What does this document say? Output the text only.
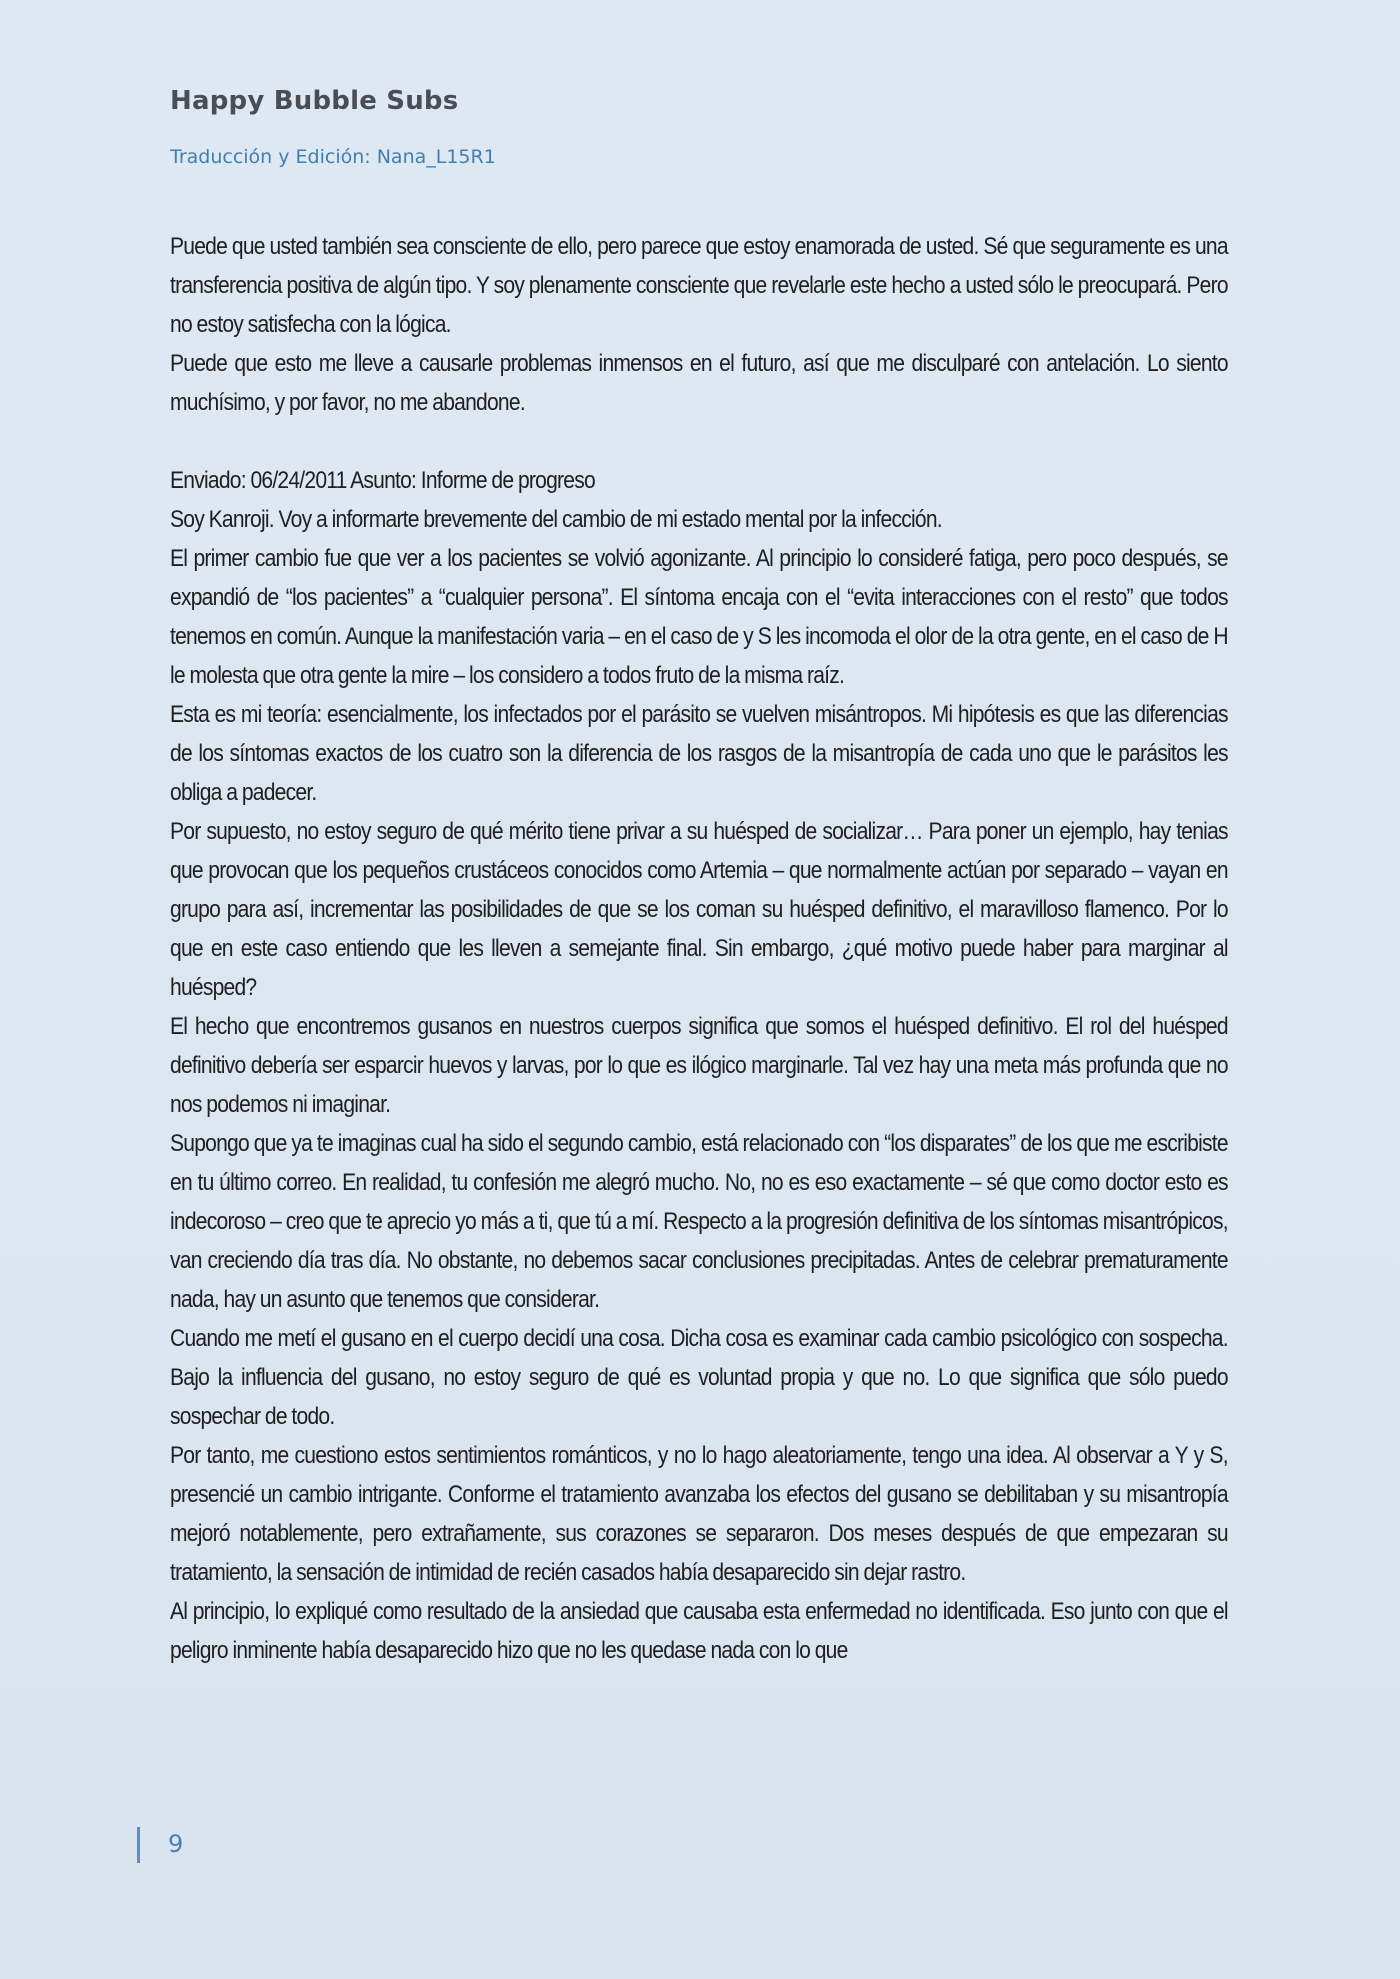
Happy Bubble Subs
Traducción y Edición: Nana_L15R1

Puede que usted también sea consciente de ello, pero parece que estoy enamorada de usted. Sé que seguramente es una transferencia positiva de algún tipo. Y soy plenamente consciente que revelarle este hecho a usted sólo le preocupará. Pero no estoy satisfecha con la lógica.

Puede que esto me lleve a causarle problemas inmensos en el futuro, así que me disculparé con antelación. Lo siento muchísimo, y por favor, no me abandone.

Enviado: 06/24/2011 Asunto: Informe de progreso

Soy Kanroji. Voy a informarte brevemente del cambio de mi estado mental por la infección.

El primer cambio fue que ver a los pacientes se volvió agonizante. Al principio lo consideré fatiga, pero poco después, se expandió de “los pacientes” a “cualquier persona”. El síntoma encaja con el “evita interacciones con el resto” que todos tenemos en común. Aunque la manifestación varia – en el caso de y S les incomoda el olor de la otra gente, en el caso de H le molesta que otra gente la mire – los considero a todos fruto de la misma raíz.

Esta es mi teoría: esencialmente, los infectados por el parásito se vuelven misántropos. Mi hipótesis es que las diferencias de los síntomas exactos de los cuatro son la diferencia de los rasgos de la misantropía de cada uno que le parásitos les obliga a padecer.

Por supuesto, no estoy seguro de qué mérito tiene privar a su huésped de socializar… Para poner un ejemplo, hay tenias que provocan que los pequeños crustáceos conocidos como Artemia – que normalmente actúan por separado – vayan en grupo para así, incrementar las posibilidades de que se los coman su huésped definitivo, el maravilloso flamenco. Por lo que en este caso entiendo que les lleven a semejante final. Sin embargo, ¿qué motivo puede haber para marginar al huésped?

El hecho que encontremos gusanos en nuestros cuerpos significa que somos el huésped definitivo. El rol del huésped definitivo debería ser esparcir huevos y larvas, por lo que es ilógico marginarle. Tal vez hay una meta más profunda que no nos podemos ni imaginar.

Supongo que ya te imaginas cual ha sido el segundo cambio, está relacionado con “los disparates” de los que me escribiste en tu último correo. En realidad, tu confesión me alegró mucho. No, no es eso exactamente – sé que como doctor esto es indecoroso – creo que te aprecio yo más a ti, que tú a mí. Respecto a la progresión definitiva de los síntomas misantrópicos, van creciendo día tras día. No obstante, no debemos sacar conclusiones precipitadas. Antes de celebrar prematuramente nada, hay un asunto que tenemos que considerar.

Cuando me metí el gusano en el cuerpo decidí una cosa. Dicha cosa es examinar cada cambio psicológico con sospecha. Bajo la influencia del gusano, no estoy seguro de qué es voluntad propia y que no. Lo que significa que sólo puedo sospechar de todo.

Por tanto, me cuestiono estos sentimientos románticos, y no lo hago aleatoriamente, tengo una idea. Al observar a Y y S, presencié un cambio intrigante. Conforme el tratamiento avanzaba los efectos del gusano se debilitaban y su misantropía mejoró notablemente, pero extrañamente, sus corazones se separaron. Dos meses después de que empezaran su tratamiento, la sensación de intimidad de recién casados había desaparecido sin dejar rastro.

Al principio, lo expliqué como resultado de la ansiedad que causaba esta enfermedad no identificada. Eso junto con que el peligro inminente había desaparecido hizo que no les quedase nada con lo que

9
